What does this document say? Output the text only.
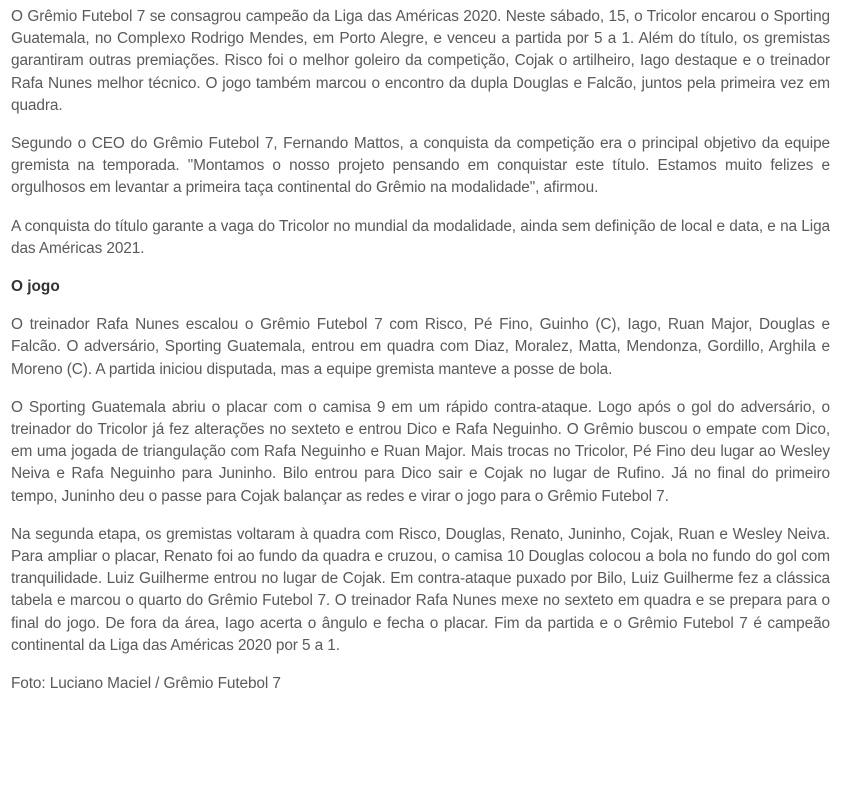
O Grêmio Futebol 7 se consagrou campeão da Liga das Américas 2020. Neste sábado, 15, o Tricolor encarou o Sporting Guatemala, no Complexo Rodrigo Mendes, em Porto Alegre, e venceu a partida por 5 a 1. Além do título, os gremistas garantiram outras premiações. Risco foi o melhor goleiro da competição, Cojak o artilheiro, Iago destaque e o treinador Rafa Nunes melhor técnico. O jogo também marcou o encontro da dupla Douglas e Falcão, juntos pela primeira vez em quadra.

Segundo o CEO do Grêmio Futebol 7, Fernando Mattos, a conquista da competição era o principal objetivo da equipe gremista na temporada. "Montamos o nosso projeto pensando em conquistar este título. Estamos muito felizes e orgulhosos em levantar a primeira taça continental do Grêmio na modalidade", afirmou.

A conquista do título garante a vaga do Tricolor no mundial da modalidade, ainda sem definição de local e data, e na Liga das Américas 2021.

O jogo

O treinador Rafa Nunes escalou o Grêmio Futebol 7 com Risco, Pé Fino, Guinho (C), Iago, Ruan Major, Douglas e Falcão. O adversário, Sporting Guatemala, entrou em quadra com Diaz, Moralez, Matta, Mendonza, Gordillo, Arghila e Moreno (C). A partida iniciou disputada, mas a equipe gremista manteve a posse de bola.

O Sporting Guatemala abriu o placar com o camisa 9 em um rápido contra-ataque. Logo após o gol do adversário, o treinador do Tricolor já fez alterações no sexteto e entrou Dico e Rafa Neguinho. O Grêmio buscou o empate com Dico, em uma jogada de triangulação com Rafa Neguinho e Ruan Major. Mais trocas no Tricolor, Pé Fino deu lugar ao Wesley Neiva e Rafa Neguinho para Juninho. Bilo entrou para Dico sair e Cojak no lugar de Rufino. Já no final do primeiro tempo, Juninho deu o passe para Cojak balançar as redes e virar o jogo para o Grêmio Futebol 7.

Na segunda etapa, os gremistas voltaram à quadra com Risco, Douglas, Renato, Juninho, Cojak, Ruan e Wesley Neiva. Para ampliar o placar, Renato foi ao fundo da quadra e cruzou, o camisa 10 Douglas colocou a bola no fundo do gol com tranquilidade. Luiz Guilherme entrou no lugar de Cojak. Em contra-ataque puxado por Bilo, Luiz Guilherme fez a clássica tabela e marcou o quarto do Grêmio Futebol 7. O treinador Rafa Nunes mexe no sexteto em quadra e se prepara para o final do jogo. De fora da área, Iago acerta o ângulo e fecha o placar. Fim da partida e o Grêmio Futebol 7 é campeão continental da Liga das Américas 2020 por 5 a 1.

Foto: Luciano Maciel / Grêmio Futebol 7
